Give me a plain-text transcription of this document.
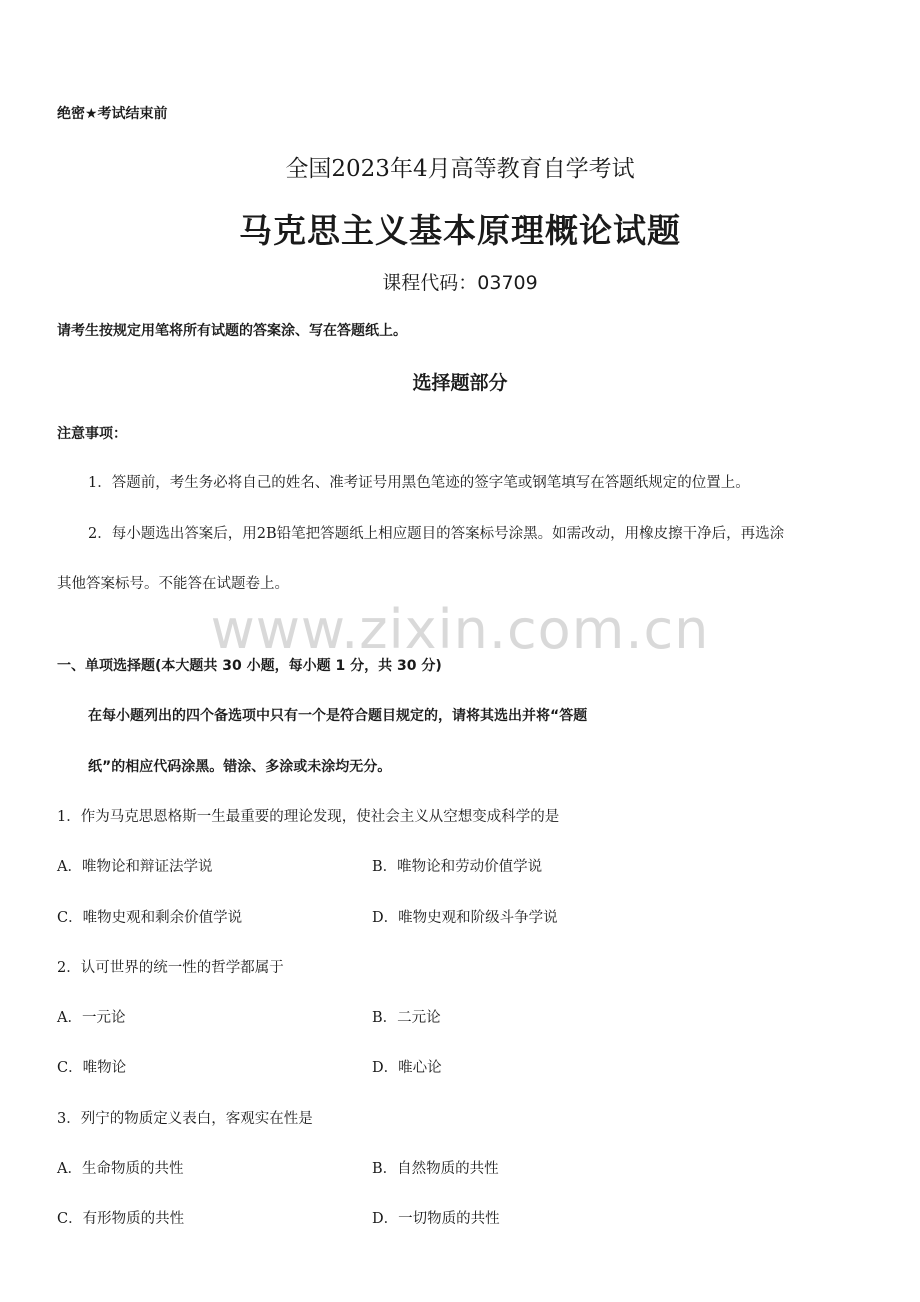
www.zixin.com.cn
绝密★考试结束前
全国2023年4月高等教育自学考试
马克思主义基本原理概论试题
课程代码：03709
请考生按规定用笔将所有试题的答案涂、写在答题纸上。
选择题部分
注意事项：
1．答题前，考生务必将自己的姓名、准考证号用黑色笔迹的签字笔或钢笔填写在答题纸规定的位置上。
2．每小题选出答案后，用2B铅笔把答题纸上相应题目的答案标号涂黑。如需改动，用橡皮擦干净后，再选涂
其他答案标号。不能答在试题卷上。
一、单项选择题(本大题共 30 小题，每小题 1 分，共 30 分)
在每小题列出的四个备选项中只有一个是符合题目规定的，请将其选出并将“答题
纸”的相应代码涂黑。错涂、多涂或未涂均无分。
1．作为马克思恩格斯一生最重要的理论发现，使社会主义从空想变成科学的是
A．唯物论和辩证法学说	B．唯物论和劳动价值学说
C．唯物史观和剩余价值学说	D．唯物史观和阶级斗争学说
2．认可世界的统一性的哲学都属于
A．一元论	B．二元论
C．唯物论	D．唯心论
3．列宁的物质定义表白，客观实在性是
A．生命物质的共性	B．自然物质的共性
C．有形物质的共性	D．一切物质的共性
